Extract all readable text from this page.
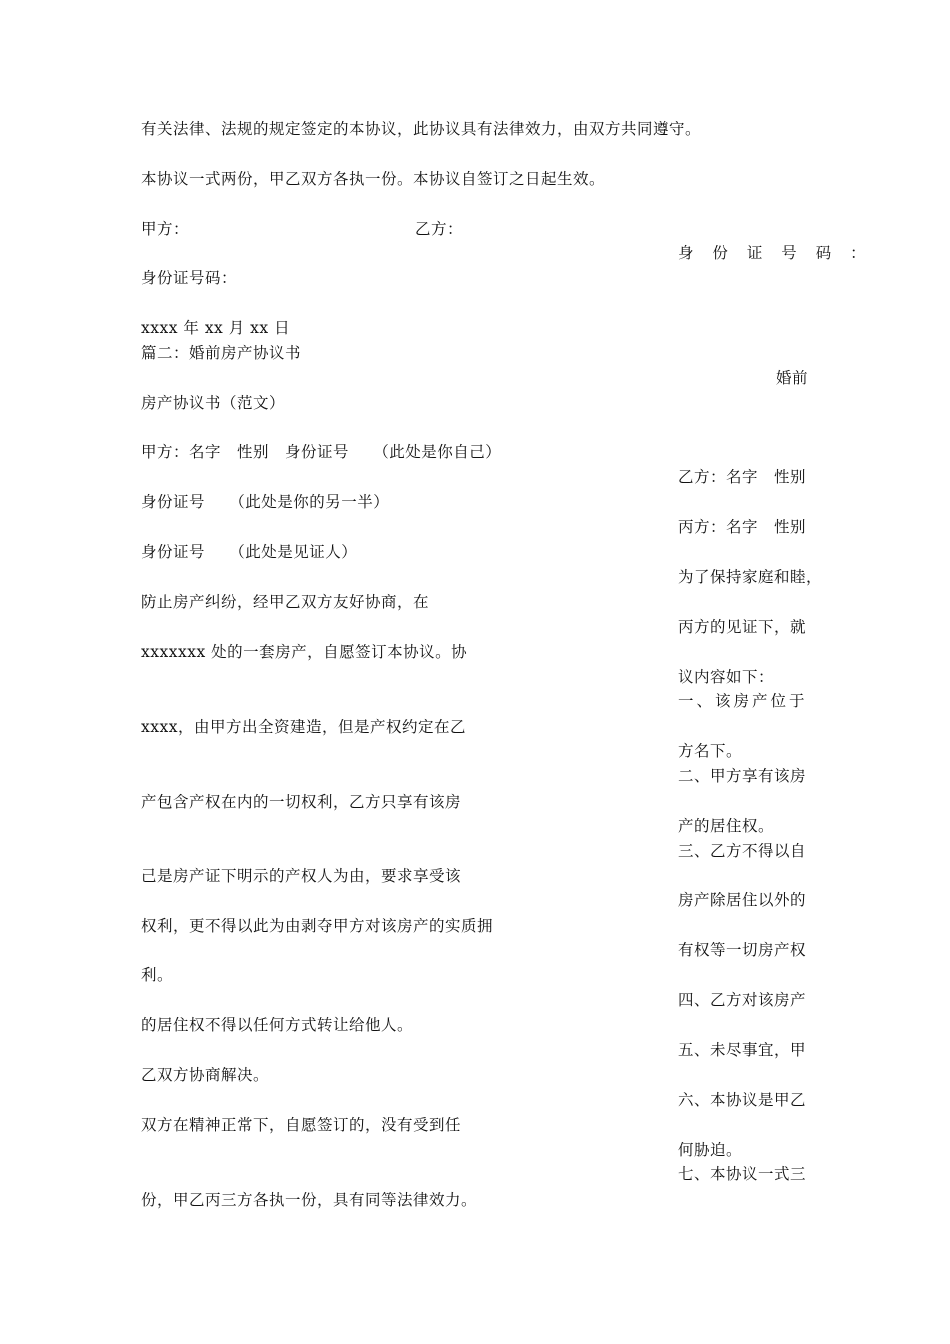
有关法律、法规的规定签定的本协议，此协议具有法律效力，由双方共同遵守。
本协议一式两份，甲乙双方各执一份。本协议自签订之日起生效。
甲方：	乙方：
身 份 证 号 码 ：
身份证号码：
xxxx 年 xx 月 xx 日
篇二：婚前房产协议书
婚前
房产协议书（范文）
甲方：名字　性别　身份证号　　（此处是你自己）
乙方：名字　性别
身份证号　　（此处是你的另一半）
丙方：名字　性别
身份证号　　（此处是见证人）
为了保持家庭和睦，
防止房产纠纷，经甲乙双方友好协商，在
丙方的见证下，就
xxxxxxx 处的一套房产，自愿签订本协议。协
议内容如下：
一、该房产位于
xxxx，由甲方出全资建造，但是产权约定在乙
方名下。
二、甲方享有该房
产包含产权在内的一切权利，乙方只享有该房
产的居住权。
三、乙方不得以自
己是房产证下明示的产权人为由，要求享受该
房产除居住以外的
权利，更不得以此为由剥夺甲方对该房产的实质拥
有权等一切房产权
利。
四、乙方对该房产
的居住权不得以任何方式转让给他人。
五、未尽事宜，甲
乙双方协商解决。
六、本协议是甲乙
双方在精神正常下，自愿签订的，没有受到任
何胁迫。
七、本协议一式三
份，甲乙丙三方各执一份，具有同等法律效力。
